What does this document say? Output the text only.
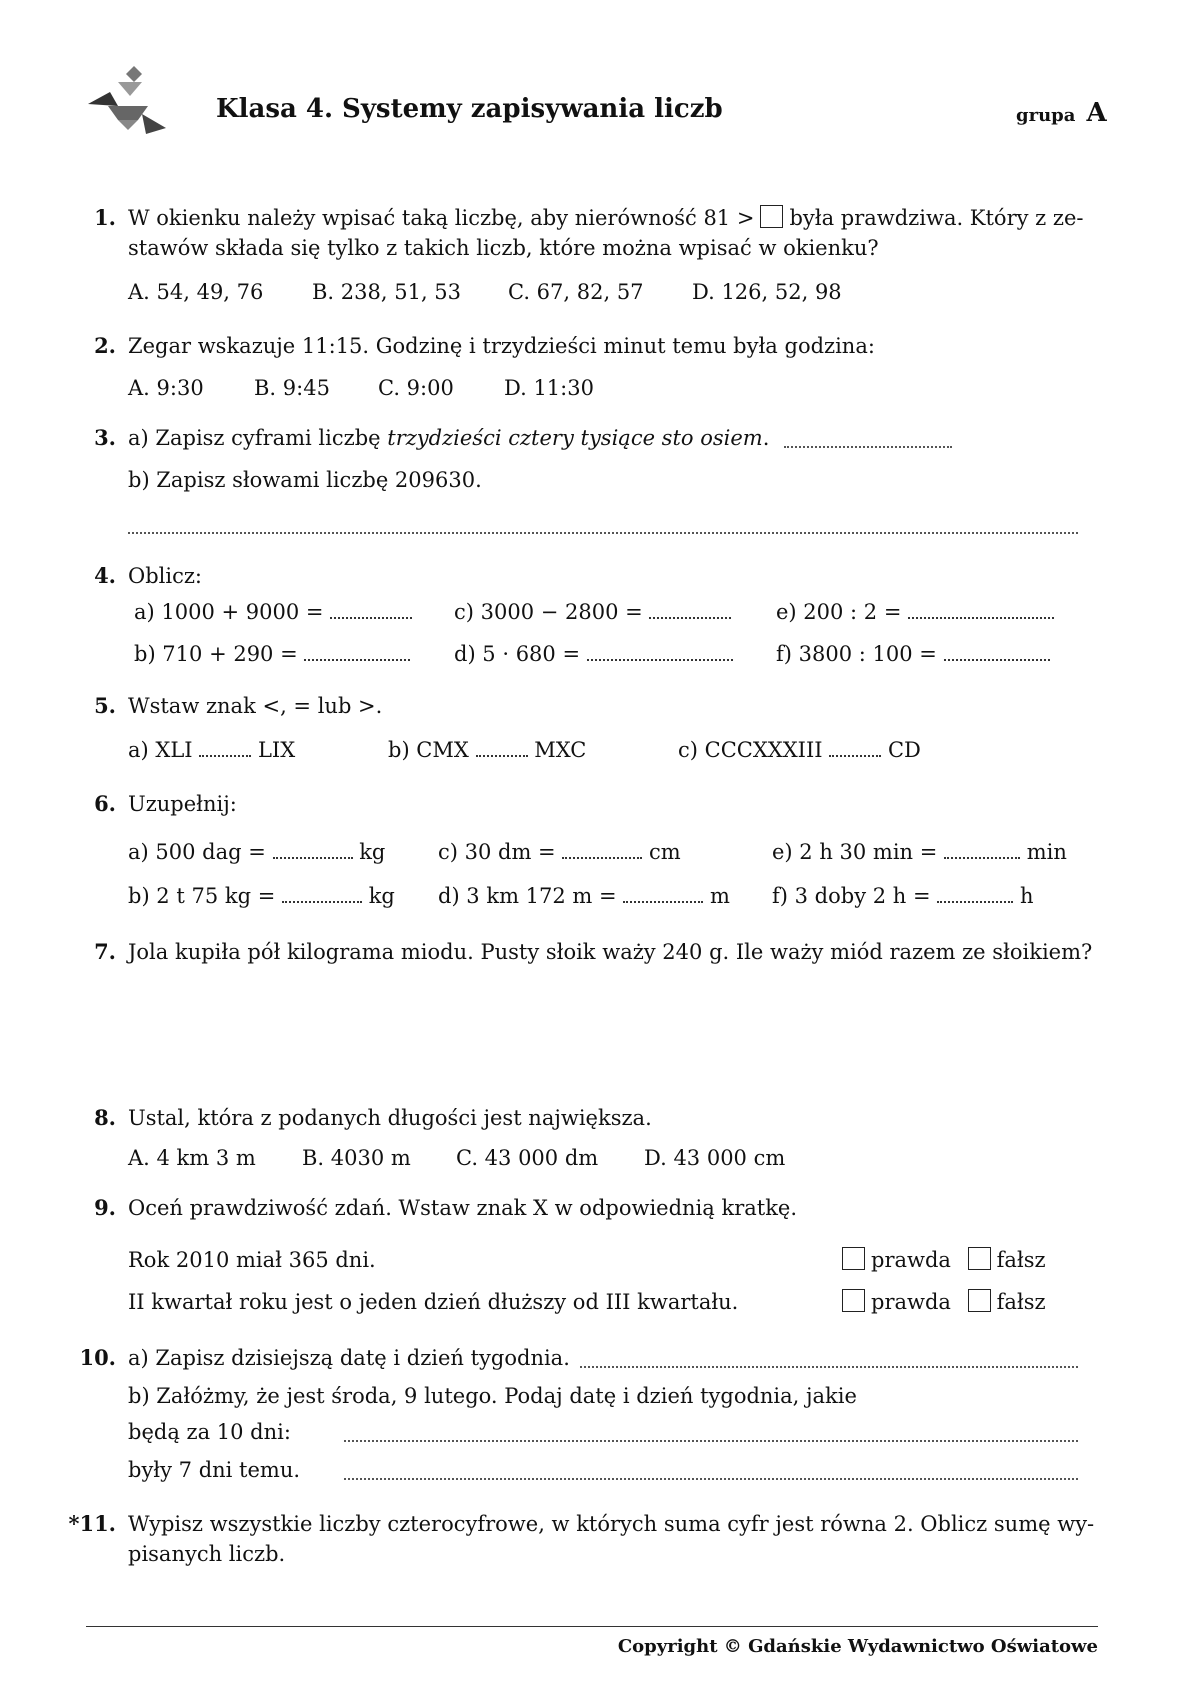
Klasa 4. Systemy zapisywania liczb	grupa A
1. W okienku należy wpisać taką liczbę, aby nierówność 81 > była prawdziwa. Który z ze-
stawów składa się tylko z takich liczb, które można wpisać w okienku?
A. 54, 49, 76 B. 238, 51, 53 C. 67, 82, 57 D. 126, 52, 98
2. Zegar wskazuje 11:15. Godzinę i trzydzieści minut temu była godzina:
A. 9:30 B. 9:45 C. 9:00 D. 11:30
3. a) Zapisz cyframi liczbę trzydzieści cztery tysiące sto osiem.
b) Zapisz słowami liczbę 209630.
4. Oblicz:
a) 1000 + 9000 =	c) 3000 − 2800 =	e) 200 : 2 =
b) 710 + 290 =	d) 5 · 680 =	f) 3800 : 100 =
5. Wstaw znak <, = lub >.
a) XLI	LIX	b) CMX	MXC	c) CCCXXXIII	CD
6. Uzupełnij:
a) 500 dag =	kg	c) 30 dm =	cm	e) 2 h 30 min =	min
b) 2 t 75 kg =	kg d) 3 km 172 m =	m f) 3 doby 2 h =	h
7. Jola kupiła pół kilograma miodu. Pusty słoik waży 240 g. Ile waży miód razem ze słoikiem?
8. Ustal, która z podanych długości jest największa.
A. 4 km 3 m B. 4030 m C. 43 000 dm D. 43 000 cm
9. Oceń prawdziwość zdań. Wstaw znak X w odpowiednią kratkę.
Rok 2010 miał 365 dni.	prawda fałsz
II kwartał roku jest o jeden dzień dłuższy od III kwartału.	prawda fałsz
10. a) Zapisz dzisiejszą datę i dzień tygodnia.
b) Załóżmy, że jest środa, 9 lutego. Podaj datę i dzień tygodnia, jakie
będą za 10 dni:
były 7 dni temu.
*11. Wypisz wszystkie liczby czterocyfrowe, w których suma cyfr jest równa 2. Oblicz sumę wy-
pisanych liczb.
Copyright © Gdańskie Wydawnictwo Oświatowe
